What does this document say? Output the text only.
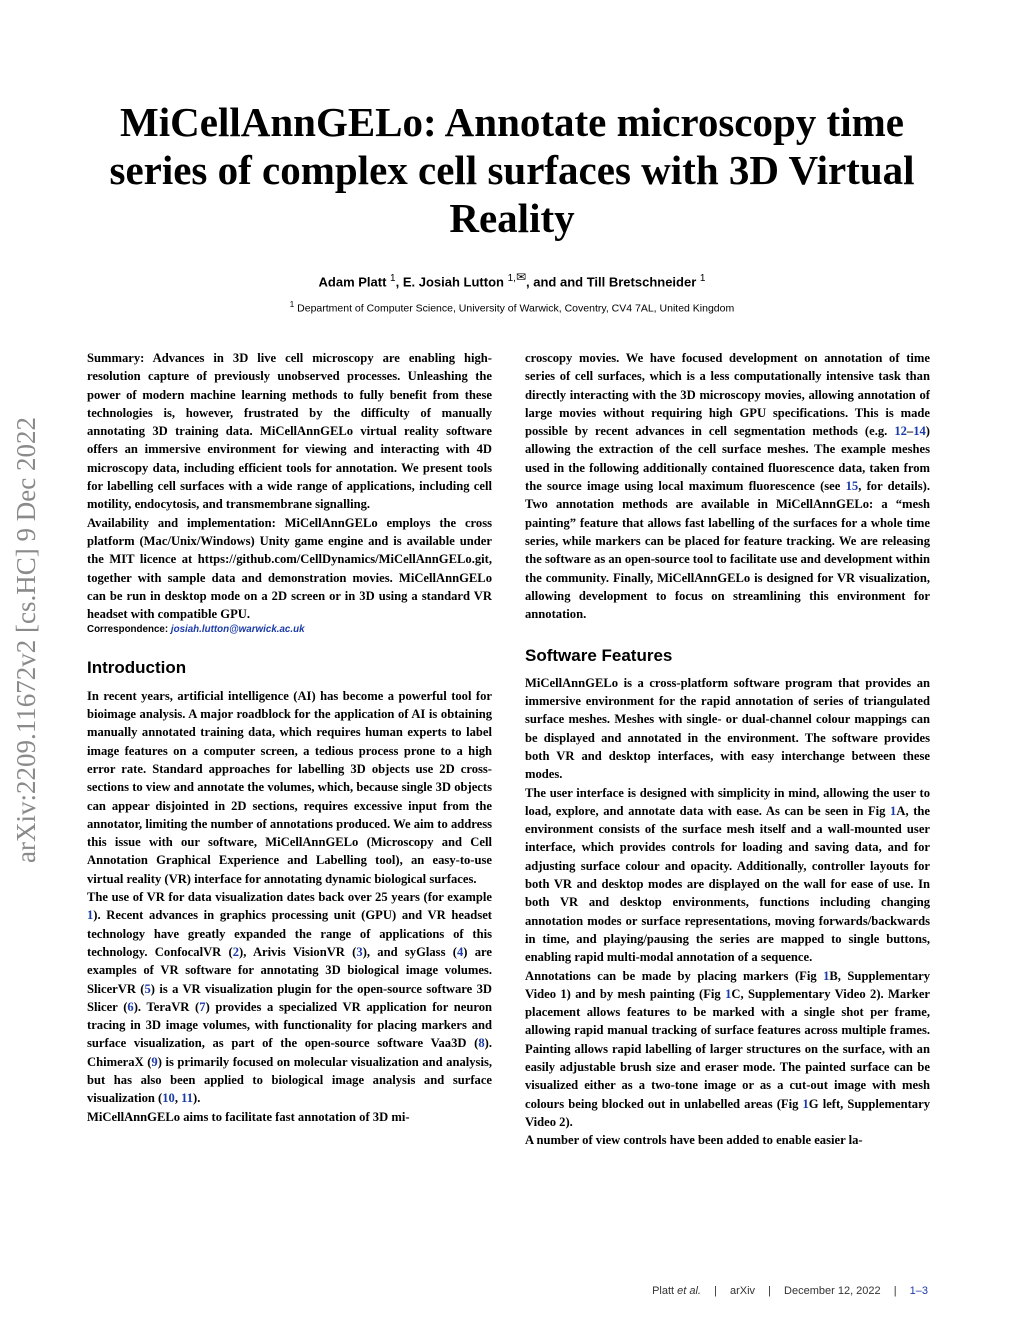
MiCellAnnGELo: Annotate microscopy time series of complex cell surfaces with 3D Virtual Reality
Adam Platt $^1$, E. Josiah Lutton $^{1,}$✉, and and Till Bretschneider $^1$
$^1$ Department of Computer Science, University of Warwick, Coventry, CV4 7AL, United Kingdom
arXiv:2209.11672v2 [cs.HC] 9 Dec 2022

Summary: Advances in 3D live cell microscopy are enabling high-resolution capture of previously unobserved processes. Unleashing the power of modern machine learning methods to fully benefit from these technologies is, however, frustrated by the difficulty of manually annotating 3D training data. MiCellAnnGELo virtual reality software offers an immersive environment for viewing and interacting with 4D microscopy data, including efficient tools for annotation. We present tools for labelling cell surfaces with a wide range of applications, including cell motility, endocytosis, and transmembrane signalling.

Availability and implementation: MiCellAnnGELo employs the cross platform (Mac/Unix/Windows) Unity game engine and is available under the MIT licence at https://github.com/CellDynamics/MiCellAnnGELo.git, together with sample data and demonstration movies. MiCellAnnGELo can be run in desktop mode on a 2D screen or in 3D using a standard VR headset with compatible GPU.

Correspondence: josiah.lutton@warwick.ac.uk

Introduction

In recent years, artificial intelligence (AI) has become a powerful tool for bioimage analysis. A major roadblock for the application of AI is obtaining manually annotated training data, which requires human experts to label image features on a computer screen, a tedious process prone to a high error rate. Standard approaches for labelling 3D objects use 2D cross-sections to view and annotate the volumes, which, because single 3D objects can appear disjointed in 2D sections, requires excessive input from the annotator, limiting the number of annotations produced. We aim to address this issue with our software, MiCellAnnGELo (Microscopy and Cell Annotation Graphical Experience and Labelling tool), an easy-to-use virtual reality (VR) interface for annotating dynamic biological surfaces.

The use of VR for data visualization dates back over 25 years (for example 1). Recent advances in graphics processing unit (GPU) and VR headset technology have greatly expanded the range of applications of this technology. ConfocalVR (2), Arivis VisionVR (3), and syGlass (4) are examples of VR software for annotating 3D biological image volumes. SlicerVR (5) is a VR visualization plugin for the open-source software 3D Slicer (6). TeraVR (7) provides a specialized VR application for neuron tracing in 3D image volumes, with functionality for placing markers and surface visualization, as part of the open-source software Vaa3D (8). ChimeraX (9) is primarily focused on molecular visualization and analysis, but has also been applied to biological image analysis and surface visualization (10, 11).

MiCellAnnGELo aims to facilitate fast annotation of 3D mi-

croscopy movies. We have focused development on annotation of time series of cell surfaces, which is a less computationally intensive task than directly interacting with the 3D microscopy movies, allowing annotation of large movies without requiring high GPU specifications. This is made possible by recent advances in cell segmentation methods (e.g. 12–14) allowing the extraction of the cell surface meshes. The example meshes used in the following additionally contained fluorescence data, taken from the source image using local maximum fluorescence (see 15, for details). Two annotation methods are available in MiCellAnnGELo: a “mesh painting” feature that allows fast labelling of the surfaces for a whole time series, while markers can be placed for feature tracking. We are releasing the software as an open-source tool to facilitate use and development within the community. Finally, MiCellAnnGELo is designed for VR visualization, allowing development to focus on streamlining this environment for annotation.

Software Features

MiCellAnnGELo is a cross-platform software program that provides an immersive environment for the rapid annotation of series of triangulated surface meshes. Meshes with single- or dual-channel colour mappings can be displayed and annotated in the environment. The software provides both VR and desktop interfaces, with easy interchange between these modes.

The user interface is designed with simplicity in mind, allowing the user to load, explore, and annotate data with ease. As can be seen in Fig 1A, the environment consists of the surface mesh itself and a wall-mounted user interface, which provides controls for loading and saving data, and for adjusting surface colour and opacity. Additionally, controller layouts for both VR and desktop modes are displayed on the wall for ease of use. In both VR and desktop environments, functions including changing annotation modes or surface representations, moving forwards/backwards in time, and playing/pausing the series are mapped to single buttons, enabling rapid multi-modal annotation of a sequence.

Annotations can be made by placing markers (Fig 1B, Supplementary Video 1) and by mesh painting (Fig 1C, Supplementary Video 2). Marker placement allows features to be marked with a single shot per frame, allowing rapid manual tracking of surface features across multiple frames. Painting allows rapid labelling of larger structures on the surface, with an easily adjustable brush size and eraser mode. The painted surface can be visualized either as a two-tone image or as a cut-out image with mesh colours being blocked out in unlabelled areas (Fig 1G left, Supplementary Video 2).

A number of view controls have been added to enable easier la-

Platt et al. | arXiv | December 12, 2022 | 1–3
